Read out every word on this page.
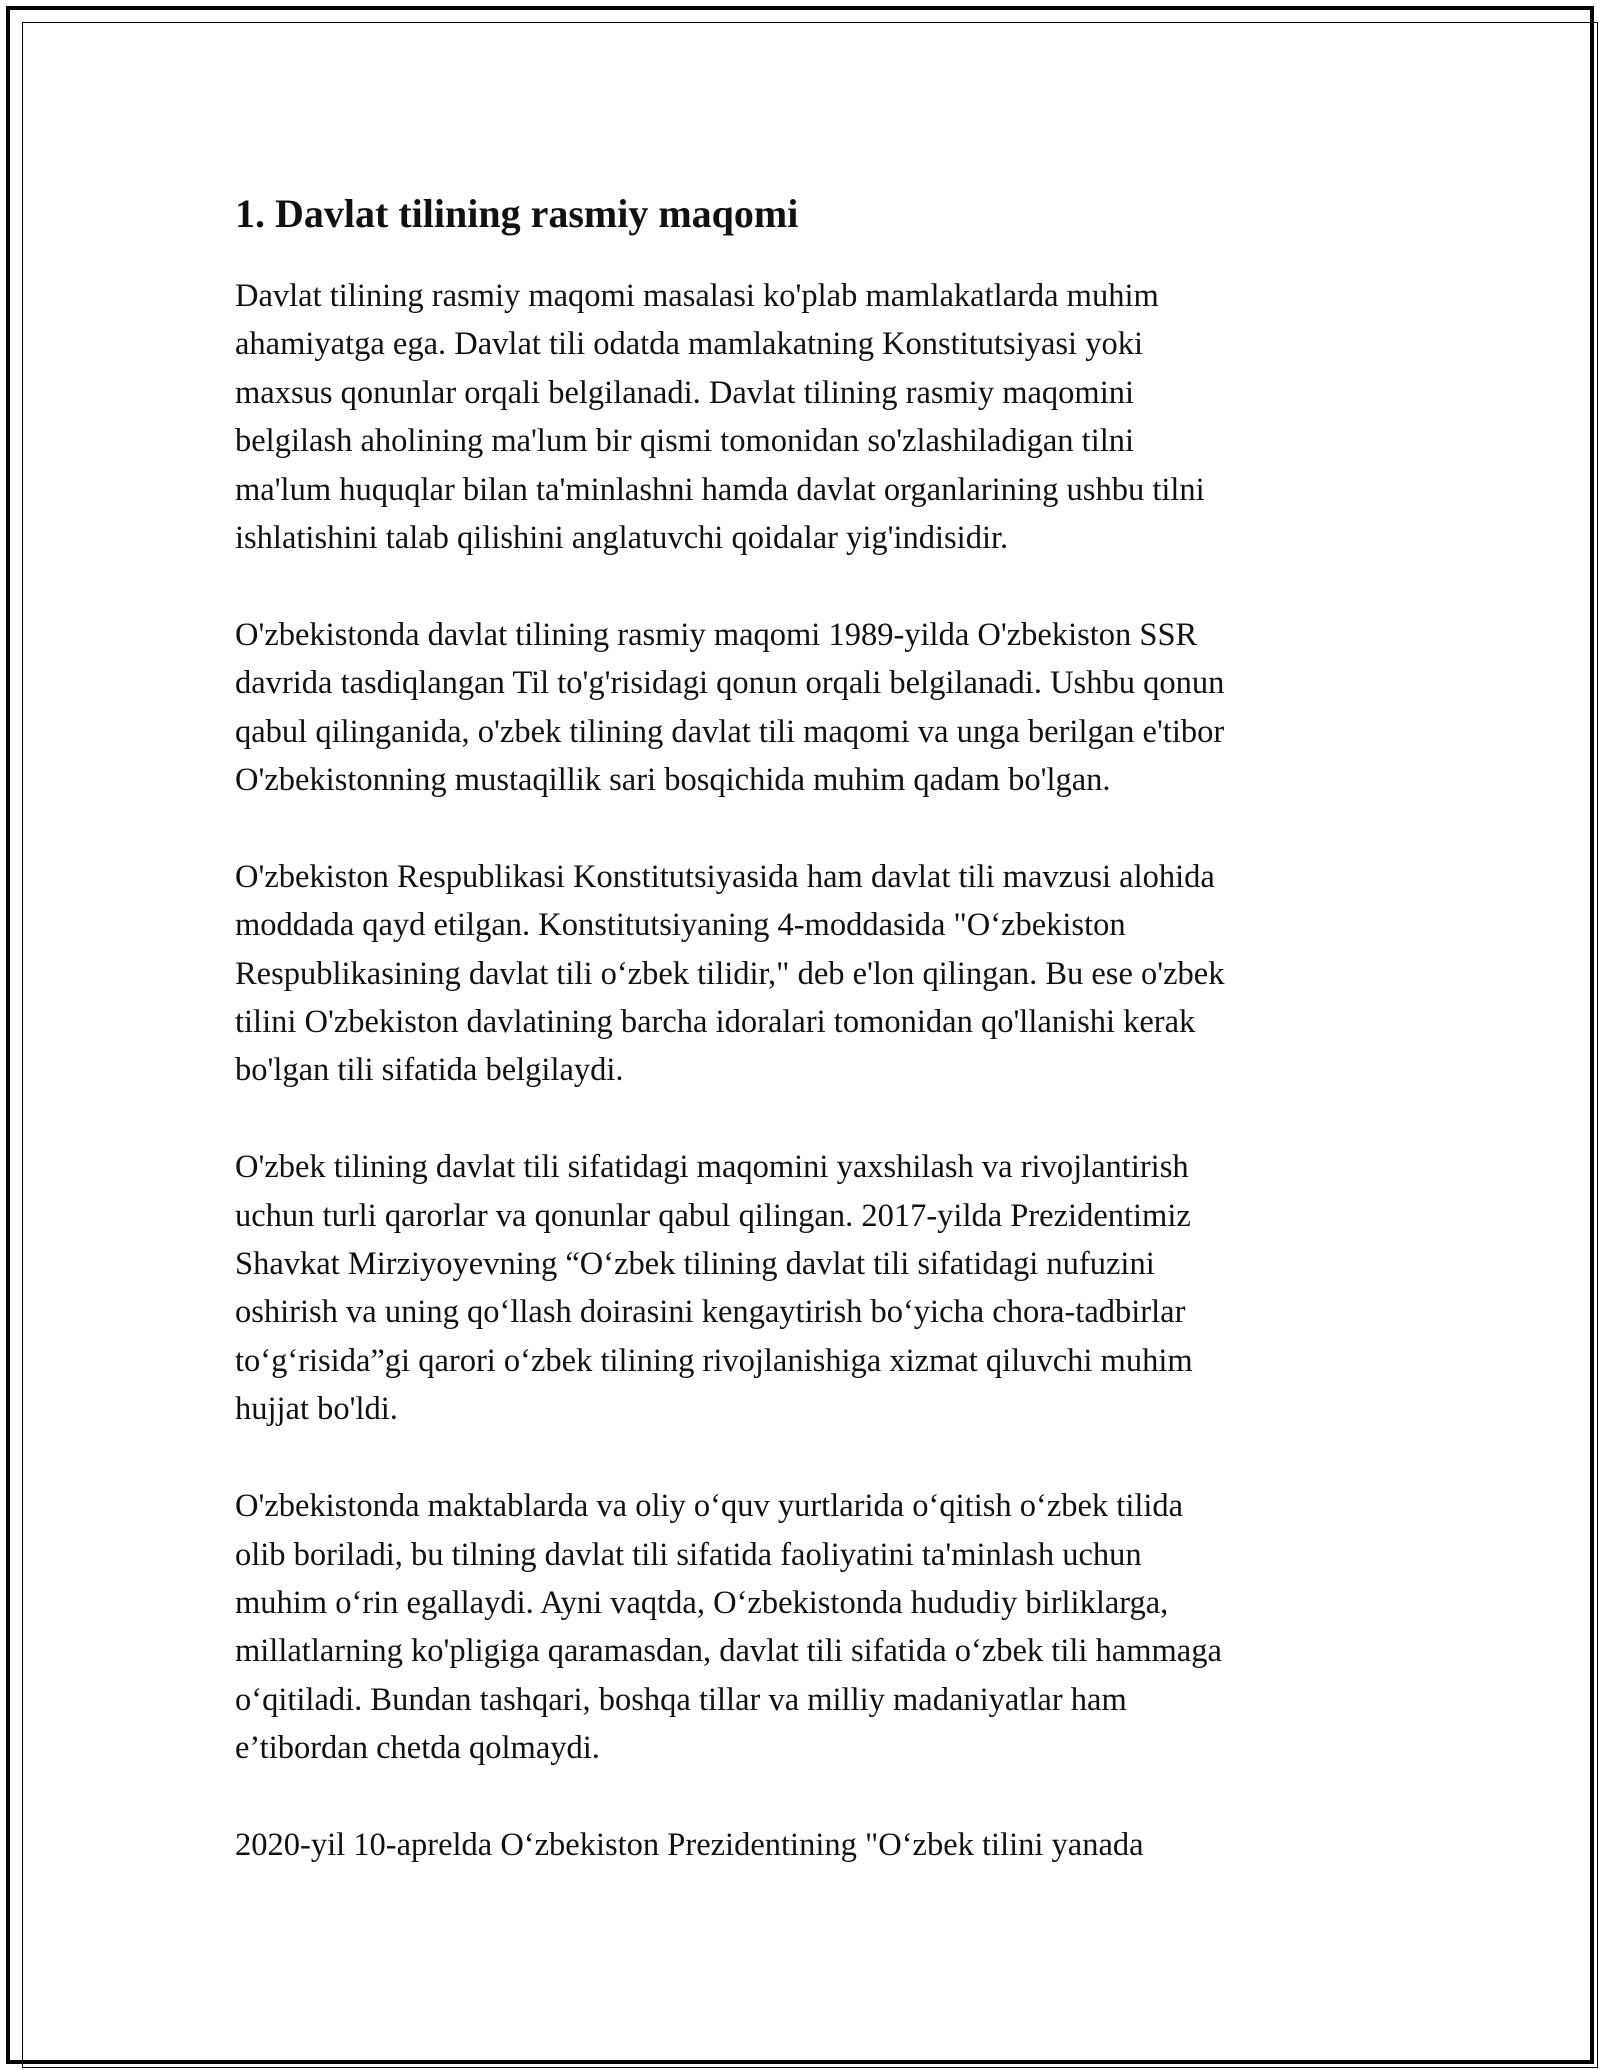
1. Davlat tilining rasmiy maqomi

Davlat tilining rasmiy maqomi masalasi ko'plab mamlakatlarda muhim
ahamiyatga ega. Davlat tili odatda mamlakatning Konstitutsiyasi yoki
maxsus qonunlar orqali belgilanadi. Davlat tilining rasmiy maqomini
belgilash aholining ma'lum bir qismi tomonidan so'zlashiladigan tilni
ma'lum huquqlar bilan ta'minlashni hamda davlat organlarining ushbu tilni
ishlatishini talab qilishini anglatuvchi qoidalar yig'indisidir.

O'zbekistonda davlat tilining rasmiy maqomi 1989-yilda O'zbekiston SSR
davrida tasdiqlangan Til to'g'risidagi qonun orqali belgilanadi. Ushbu qonun
qabul qilinganida, o'zbek tilining davlat tili maqomi va unga berilgan e'tibor
O'zbekistonning mustaqillik sari bosqichida muhim qadam bo'lgan.

O'zbekiston Respublikasi Konstitutsiyasida ham davlat tili mavzusi alohida
moddada qayd etilgan. Konstitutsiyaning 4-moddasida "O‘zbekiston
Respublikasining davlat tili o‘zbek tilidir," deb e'lon qilingan. Bu ese o'zbek
tilini O'zbekiston davlatining barcha idoralari tomonidan qo'llanishi kerak
bo'lgan tili sifatida belgilaydi.

O'zbek tilining davlat tili sifatidagi maqomini yaxshilash va rivojlantirish
uchun turli qarorlar va qonunlar qabul qilingan. 2017-yilda Prezidentimiz
Shavkat Mirziyoyevning “O‘zbek tilining davlat tili sifatidagi nufuzini
oshirish va uning qo‘llash doirasini kengaytirish bo‘yicha chora-tadbirlar
to‘g‘risida”gi qarori o‘zbek tilining rivojlanishiga xizmat qiluvchi muhim
hujjat bo'ldi.

O'zbekistonda maktablarda va oliy o‘quv yurtlarida o‘qitish o‘zbek tilida
olib boriladi, bu tilning davlat tili sifatida faoliyatini ta'minlash uchun
muhim o‘rin egallaydi. Ayni vaqtda, O‘zbekistonda hududiy birliklarga,
millatlarning ko'pligiga qaramasdan, davlat tili sifatida o‘zbek tili hammaga
o‘qitiladi. Bundan tashqari, boshqa tillar va milliy madaniyatlar ham
e’tibordan chetda qolmaydi.

2020-yil 10-aprelda O‘zbekiston Prezidentining "O‘zbek tilini yanada
